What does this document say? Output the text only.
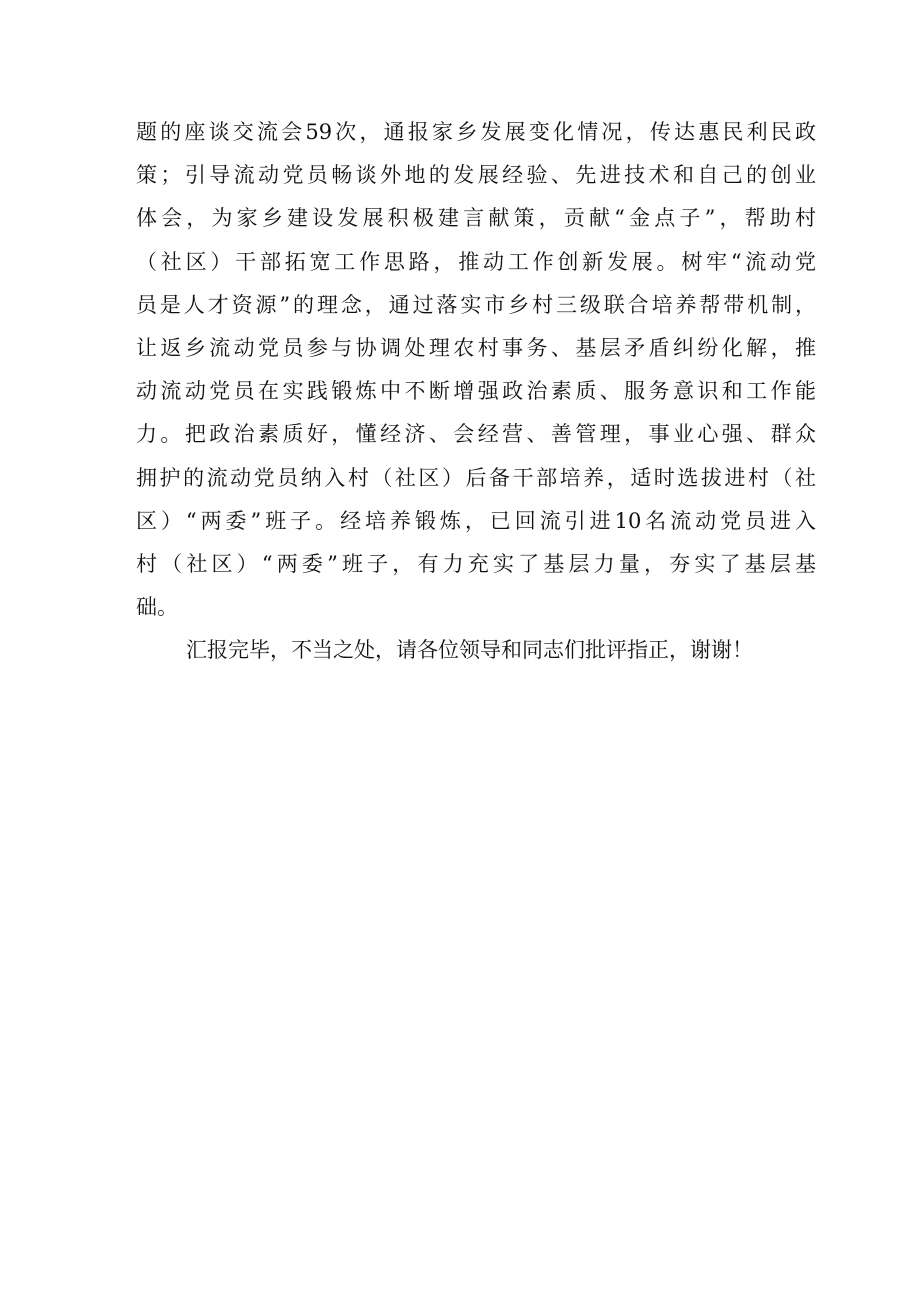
题的座谈交流会59次，通报家乡发展变化情况，传达惠民利民政
策；引导流动党员畅谈外地的发展经验、先进技术和自己的创业
体会，为家乡建设发展积极建言献策，贡献“金点子”，帮助村
（社区）干部拓宽工作思路，推动工作创新发展。树牢“流动党
员是人才资源”的理念，通过落实市乡村三级联合培养帮带机制，
让返乡流动党员参与协调处理农村事务、基层矛盾纠纷化解，推
动流动党员在实践锻炼中不断增强政治素质、服务意识和工作能
力。把政治素质好，懂经济、会经营、善管理，事业心强、群众
拥护的流动党员纳入村（社区）后备干部培养，适时选拔进村（社
区）“两委”班子。经培养锻炼，已回流引进10名流动党员进入
村（社区）“两委”班子，有力充实了基层力量，夯实了基层基
础。
汇报完毕，不当之处，请各位领导和同志们批评指正，谢谢！
